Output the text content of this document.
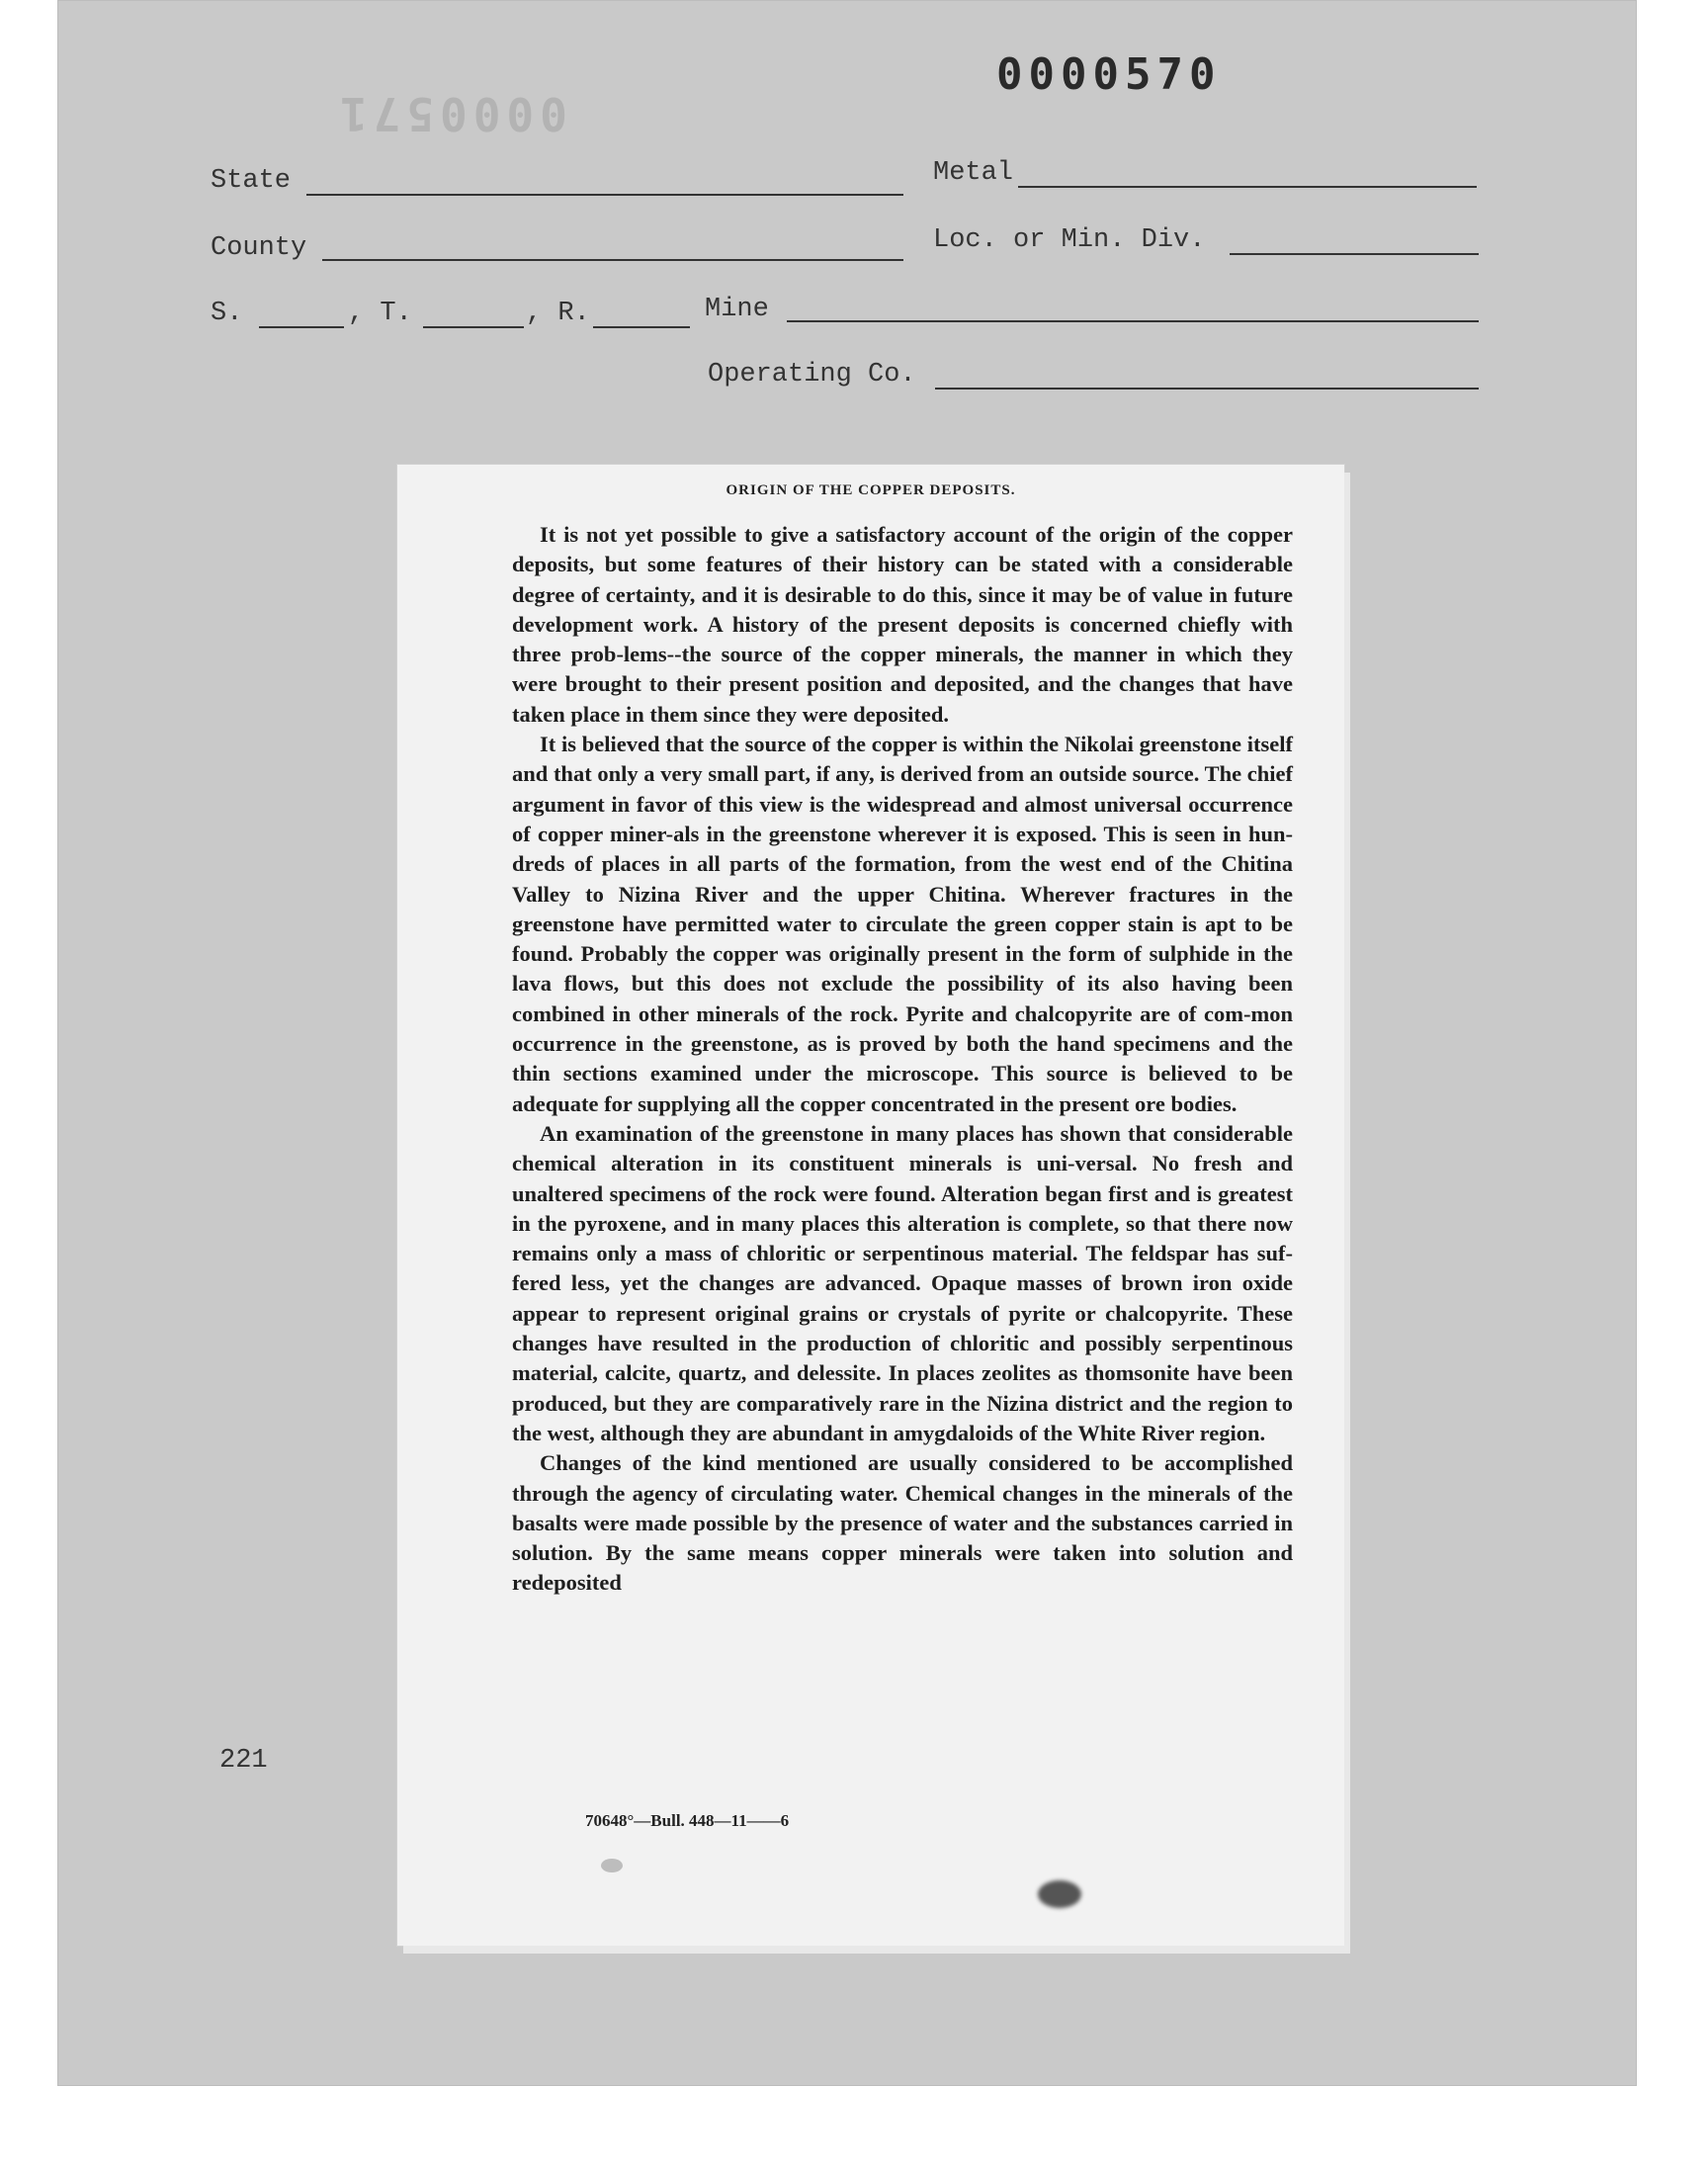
0000570
0000571
State	Metal
County	Loc. or Min. Div.
S.	, T.	, R.	Mine
Operating Co.
221
ORIGIN OF THE COPPER DEPOSITS.

It is not yet possible to give a satisfactory account of the origin of the copper deposits, but some features of their history can be stated with a considerable degree of certainty, and it is desirable to do this, since it may be of value in future development work. A history of the present deposits is concerned chiefly with three prob-lems--the source of the copper minerals, the manner in which they were brought to their present position and deposited, and the changes that have taken place in them since they were deposited.

It is believed that the source of the copper is within the Nikolai greenstone itself and that only a very small part, if any, is derived from an outside source. The chief argument in favor of this view is the widespread and almost universal occurrence of copper miner-als in the greenstone wherever it is exposed. This is seen in hun-dreds of places in all parts of the formation, from the west end of the Chitina Valley to Nizina River and the upper Chitina. Wherever fractures in the greenstone have permitted water to circulate the green copper stain is apt to be found. Probably the copper was originally present in the form of sulphide in the lava flows, but this does not exclude the possibility of its also having been combined in other minerals of the rock. Pyrite and chalcopyrite are of com-mon occurrence in the greenstone, as is proved by both the hand specimens and the thin sections examined under the microscope. This source is believed to be adequate for supplying all the copper concentrated in the present ore bodies.

An examination of the greenstone in many places has shown that considerable chemical alteration in its constituent minerals is uni-versal. No fresh and unaltered specimens of the rock were found. Alteration began first and is greatest in the pyroxene, and in many places this alteration is complete, so that there now remains only a mass of chloritic or serpentinous material. The feldspar has suf-fered less, yet the changes are advanced. Opaque masses of brown iron oxide appear to represent original grains or crystals of pyrite or chalcopyrite. These changes have resulted in the production of chloritic and possibly serpentinous material, calcite, quartz, and delessite. In places zeolites as thomsonite have been produced, but they are comparatively rare in the Nizina district and the region to the west, although they are abundant in amygdaloids of the White River region.

Changes of the kind mentioned are usually considered to be accomplished through the agency of circulating water. Chemical changes in the minerals of the basalts were made possible by the presence of water and the substances carried in solution. By the same means copper minerals were taken into solution and redeposited

70648°—Bull. 448—11——6
